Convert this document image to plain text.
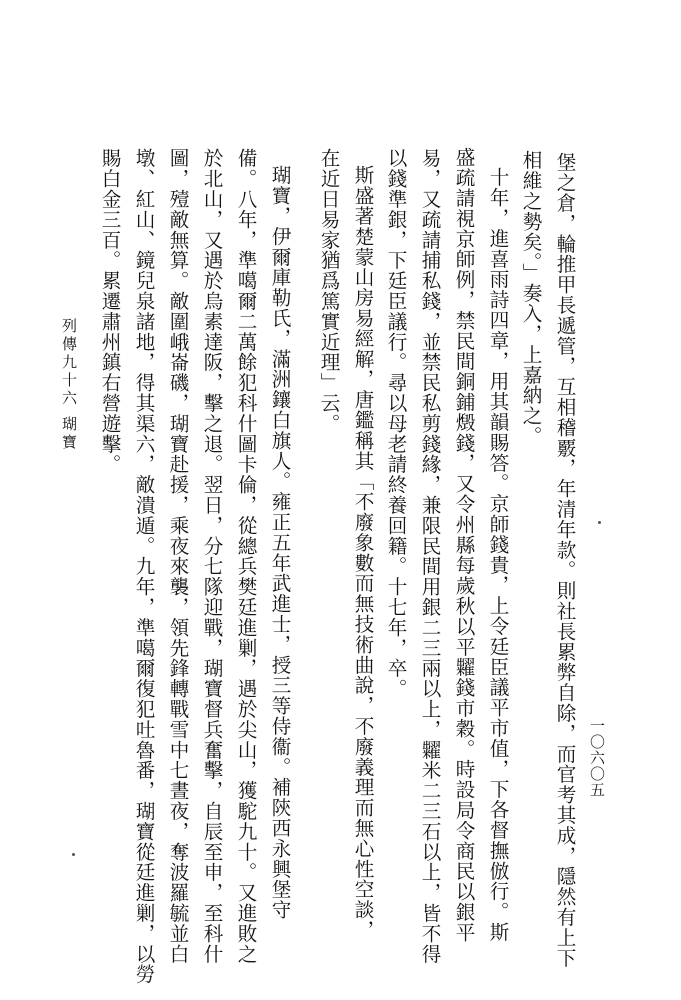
堡之倉，輪推甲長遞管，互相稽覈，年清年款。則社長累弊自除，而官考其成，隱然有上下
相維之勢矣。」奏入，上嘉納之。
十年，進喜雨詩四章，用其韻賜答。京師錢貴，上令廷臣議平市值，下各督撫倣行。斯
盛疏請視京師例，禁民間銅鋪燬錢，又令州縣每歲秋以平糶錢市穀。時設局令商民以銀平
易，又疏請捕私錢，並禁民私剪錢緣，兼限民間用銀二三兩以上，糶米二三石以上，皆不得
以錢準銀，下廷臣議行。尋以母老請終養回籍。十七年，卒。
斯盛著楚蒙山房易經解，唐鑑稱其「不廢象數而無技術曲說，不廢義理而無心性空談，
在近日易家猶爲篤實近理」云。
瑚寶，伊爾庫勒氏，滿洲鑲白旗人。雍正五年武進士，授三等侍衞。補陝西永興堡守
備。八年，準噶爾二萬餘犯科什圖卡倫，從總兵樊廷進剿，遇於尖山，獲駝九十。又進敗之
於北山，又遇於烏素達阪，擊之退。翌日，分七隊迎戰，瑚寶督兵奮擊，自辰至申，至科什
圖，殪敵無算。敵圍峨崙磯，瑚寶赴援，乘夜來襲，領先鋒轉戰雪中七晝夜，奪波羅毓並白
墩、紅山、鏡兒泉諸地，得其渠六，敵潰遁。九年，準噶爾復犯吐魯番，瑚寶從廷進剿，以勞
賜白金三百。累遷肅州鎮右營遊擊。
列傳九十六 瑚寶
一〇六〇五
